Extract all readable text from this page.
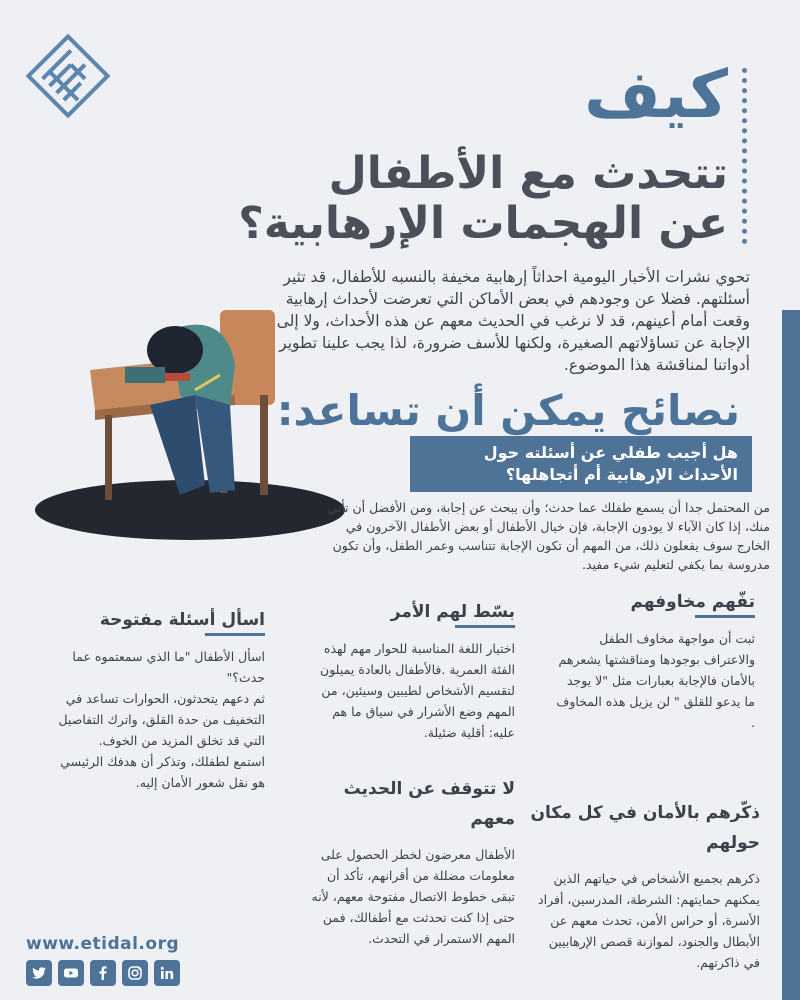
كيف
تتحدث مع الأطفال
عن الهجمات الإرهابية؟

تحوي نشرات الأخبار اليومية احداثاً إرهابية مخيفة بالنسبه للأطفال، قد تثير أسئلتهم. فضلا عن وجودهم في بعض الأماكن التي تعرضت لأحداث إرهابية وقعت أمام أعينهم، قد لا نرغب في الحديث معهم عن هذه الأحداث، ولا إلى الإجابة عن تساؤلاتهم الصغيرة، ولكنها للأسف ضرورة، لذا يجب علينا تطوير أدواتنا لمناقشة هذا الموضوع.

نصائح يمكن أن تساعد:
هل أجيب طفلي عن أسئلته حول الأحداث الإرهابية أم أتجاهلها؟

من المحتمل جدا أن يسمع طفلك عما حدث؛ وأن يبحث عن إجابة، ومن الأفضل أن تأتي منك، إذا كان الآباء لا يودون الإجابة، فإن خيال الأطفال أو بعض الأطفال الآخرون في الخارج سوف يفعلون ذلك، من المهم أن تكون الإجابة تتناسب وعمر الطفل، وأن تكون مدروسة بما يكفي لتعليم شيء مفيد.

تفّهم مخاوفهم

ثبت أن مواجهة مخاوف الطفل والاعتراف بوجودها ومناقشتها يشعرهم بالأمان فالإجابة بعبارات مثل "لا يوجد ما يدعو للقلق " لن يزيل هذه المخاوف .

بسّط لهم الأمر

اختيار اللغة المناسبة للحوار مهم لهذه الفئة العمرية .فالأطفال بالعادة يميلون لتقسيم الأشخاص لطيبين وسيئين، من المهم وضع الأشرار في سياق ما هم عليه: أقلية ضئيلة.

اسأل أسئلة مفتوحة

اسأل الأطفال "ما الذي سمعتموه عما حدث؟"

ثم دعهم يتحدثون، الحوارات تساعد في التخفيف من حدة القلق، واترك التفاصيل التي قد تخلق المزيد من الخوف.

استمع لطفلك، وتذكر أن هدفك الرئيسي هو نقل شعور الأمان إليه.

ذكّرهم بالأمان في كل مكان حولهم

ذكرهم بجميع الأشخاص في حياتهم الذين يمكنهم حمايتهم: الشرطة، المدرسين، أفراد الأسرة، أو حراس الأمن، تحدث معهم عن الأبطال والجنود، لموازنة قصص الإرهابيين في ذاكرتهم.

لا تتوقف عن الحديث معهم

الأطفال معرضون لخطر الحصول على معلومات مضللة من أقرانهم، تأكد أن تبقى خطوط الاتصال مفتوحة معهم، لأنه حتى إذا كنت تحدثت مع أطفالك، فمن المهم الاستمرار في التحدث.

www.etidal.org
